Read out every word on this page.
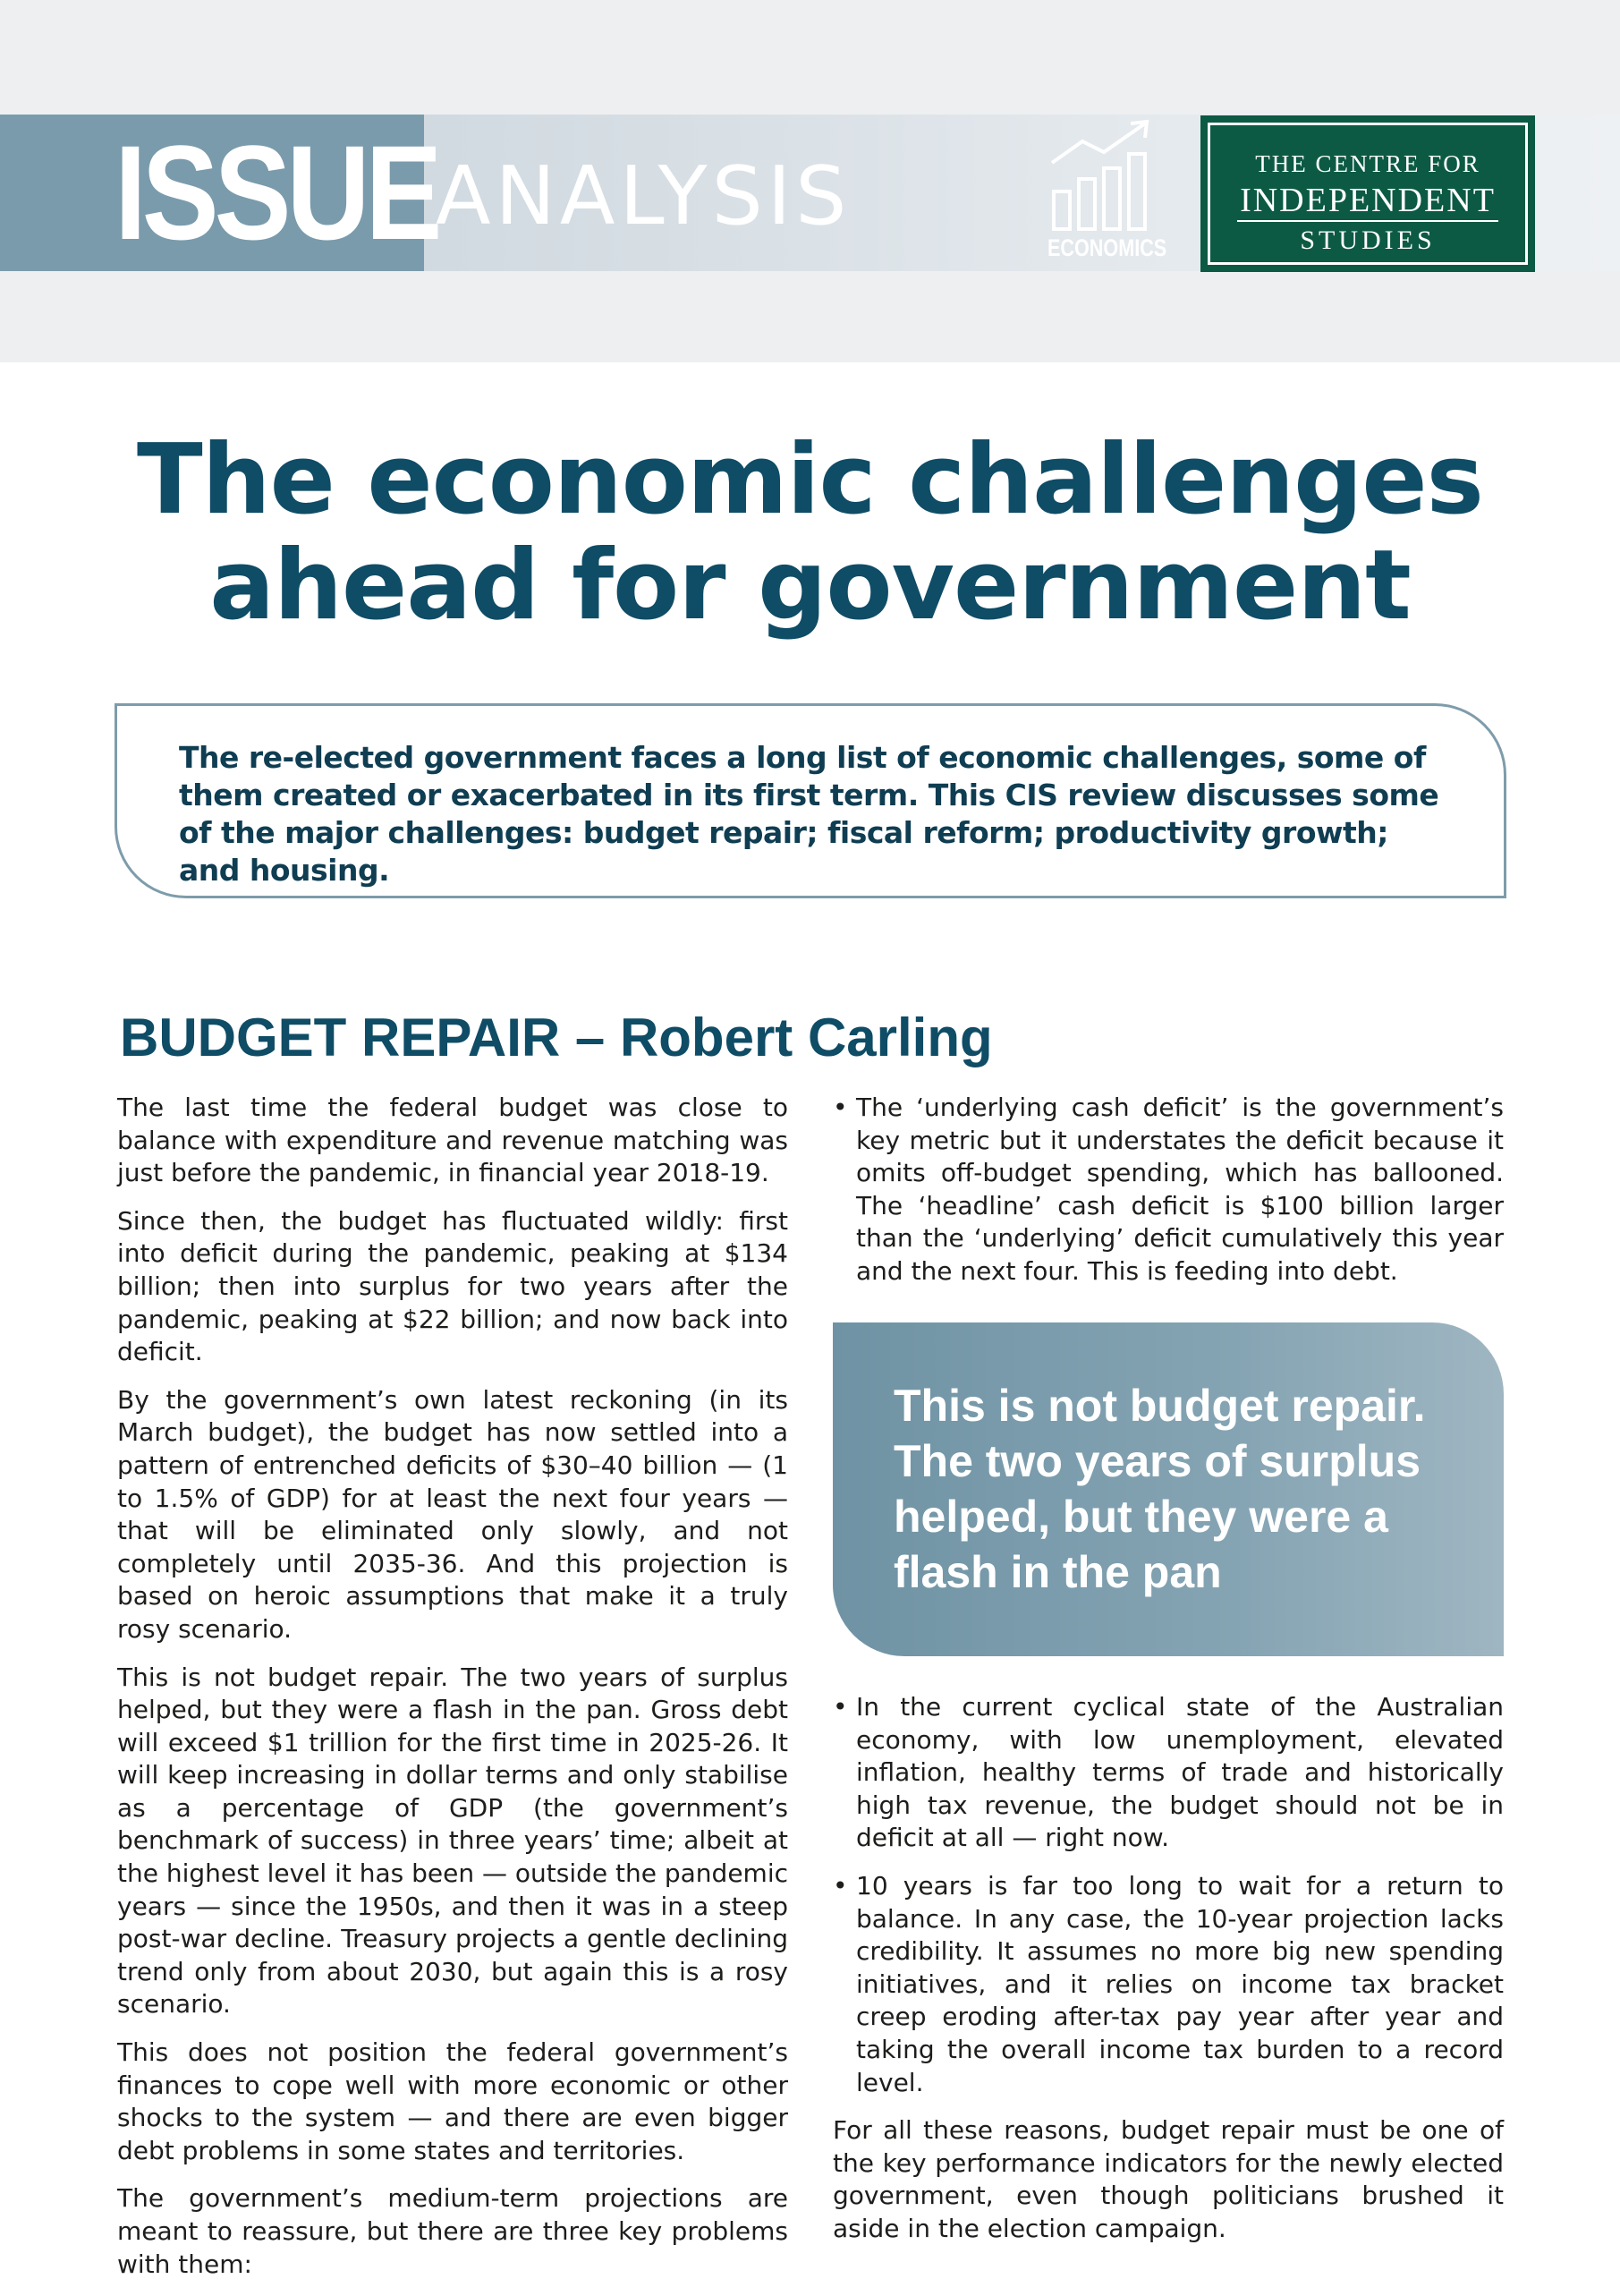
ISSUE
ANALYSIS
ECONOMICS
THE CENTRE FOR
INDEPENDENT
STUDIES
The economic challenges ahead for government
The re-elected government faces a long list of economic challenges, some of them created or exacerbated in its first term. This CIS review discusses some of the major challenges: budget repair; fiscal reform; productivity growth; and housing.
BUDGET REPAIR – Robert Carling

The last time the federal budget was close to balance with expenditure and revenue matching was just before the pandemic, in financial year 2018-19.

Since then, the budget has fluctuated wildly: first into deficit during the pandemic, peaking at $134 billion; then into surplus for two years after the pandemic, peaking at $22 billion; and now back into deficit.

By the government’s own latest reckoning (in its March budget), the budget has now settled into a pattern of entrenched deficits of $30–40 billion — (1 to 1.5% of GDP) for at least the next four years — that will be eliminated only slowly, and not completely until 2035-36. And this projection is based on heroic assumptions that make it a truly rosy scenario.

This is not budget repair. The two years of surplus helped, but they were a flash in the pan. Gross debt will exceed $1 trillion for the first time in 2025-26. It will keep increasing in dollar terms and only stabilise as a percentage of GDP (the government’s benchmark of success) in three years’ time; albeit at the highest level it has been — outside the pandemic years — since the 1950s, and then it was in a steep post-war decline. Treasury projects a gentle declining trend only from about 2030, but again this is a rosy scenario.

This does not position the federal government’s finances to cope well with more economic or other shocks to the system — and there are even bigger debt problems in some states and territories.

The government’s medium-term projections are meant to reassure, but there are three key problems with them:

• The ‘underlying cash deficit’ is the government’s key metric but it understates the deficit because it omits off-budget spending, which has ballooned. The ‘headline’ cash deficit is $100 billion larger than the ‘underlying’ deficit cumulatively this year and the next four. This is feeding into debt.
This is not budget repair. The two years of surplus helped, but they were a flash in the pan
• In the current cyclical state of the Australian economy, with low unemployment, elevated inflation, healthy terms of trade and historically high tax revenue, the budget should not be in deficit at all — right now.
• 10 years is far too long to wait for a return to balance. In any case, the 10-year projection lacks credibility. It assumes no more big new spending initiatives, and it relies on income tax bracket creep eroding after-tax pay year after year and taking the overall income tax burden to a record level.

For all these reasons, budget repair must be one of the key performance indicators for the newly elected government, even though politicians brushed it aside in the election campaign.
